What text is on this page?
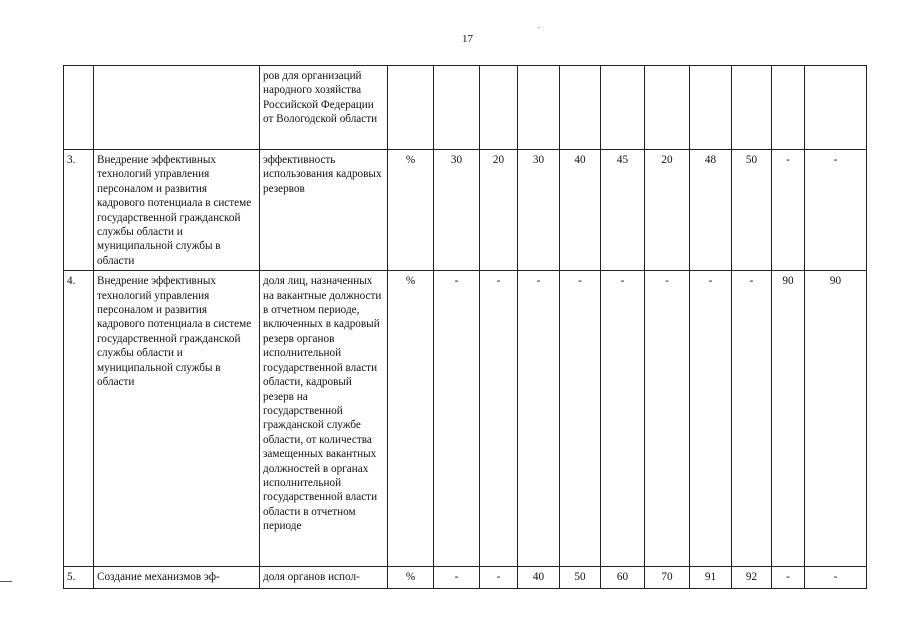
17
		ров для организаций народного хозяйства Российской Федерации от Вологодской области											
3.	Внедрение эффективных технологий управления персоналом и развития кадрового потенциала в системе государственной гражданской службы области и муниципальной службы в области	эффективность использования кадровых резервов	%	30	20	30	40	45	20	48	50	-	-
4.	Внедрение эффективных технологий управления персоналом и развития кадрового потенциала в системе государственной гражданской службы области и муниципальной службы в области	доля лиц, назначенных на вакантные должности в отчетном периоде, включенных в кадровый резерв органов исполнительной государственной власти области, кадровый резерв на государственной гражданской службе области, от количества замещенных вакантных должностей в органах исполнительной государственной власти области в отчетном периоде	%	-	-	-	-	-	-	-	-	90	90
5.	Создание механизмов эф-	доля органов испол-	%	-	-	40	50	60	70	91	92	-	-
